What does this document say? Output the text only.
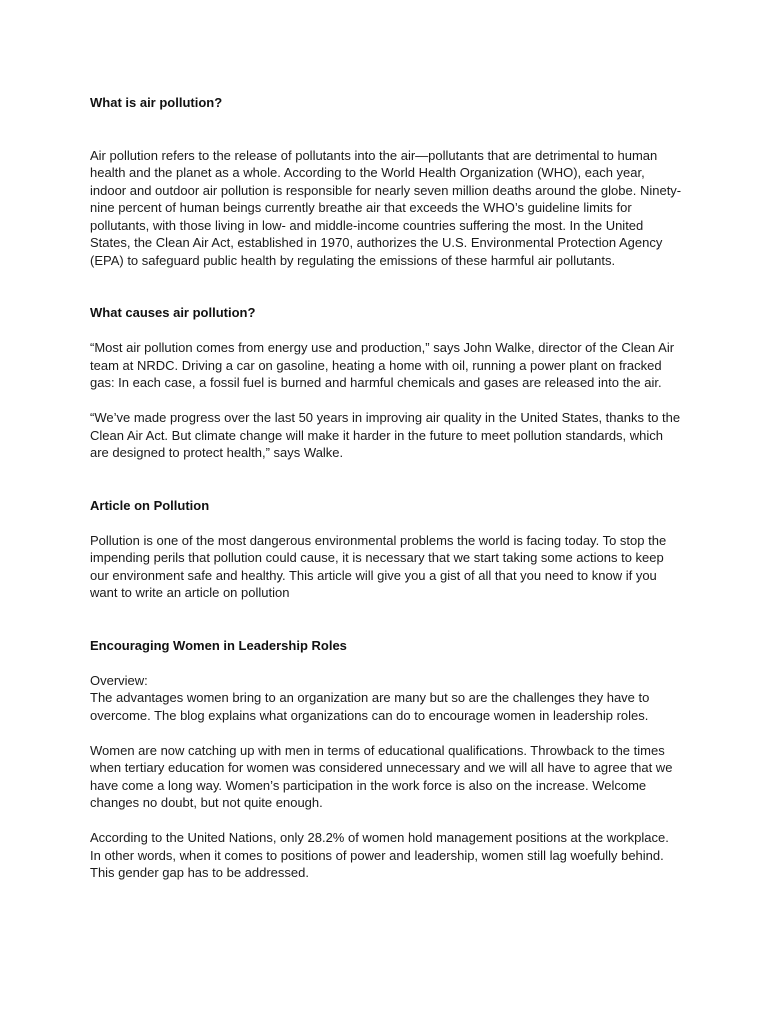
What is air pollution?

Air pollution refers to the release of pollutants into the air—pollutants that are detrimental to human health and the planet as a whole. According to the World Health Organization (WHO), each year, indoor and outdoor air pollution is responsible for nearly seven million deaths around the globe. Ninety-nine percent of human beings currently breathe air that exceeds the WHO’s guideline limits for pollutants, with those living in low- and middle-income countries suffering the most. In the United States, the Clean Air Act, established in 1970, authorizes the U.S. Environmental Protection Agency (EPA) to safeguard public health by regulating the emissions of these harmful air pollutants.

What causes air pollution?

“Most air pollution comes from energy use and production,” says John Walke, director of the Clean Air team at NRDC. Driving a car on gasoline, heating a home with oil, running a power plant on fracked gas: In each case, a fossil fuel is burned and harmful chemicals and gases are released into the air.

“We’ve made progress over the last 50 years in improving air quality in the United States, thanks to the Clean Air Act. But climate change will make it harder in the future to meet pollution standards, which are designed to protect health,” says Walke.

Article on Pollution

Pollution is one of the most dangerous environmental problems the world is facing today. To stop the impending perils that pollution could cause, it is necessary that we start taking some actions to keep our environment safe and healthy. This article will give you a gist of all that you need to know if you want to write an article on pollution

Encouraging Women in Leadership Roles

Overview:
The advantages women bring to an organization are many but so are the challenges they have to overcome. The blog explains what organizations can do to encourage women in leadership roles.

Women are now catching up with men in terms of educational qualifications. Throwback to the times when tertiary education for women was considered unnecessary and we will all have to agree that we have come a long way. Women’s participation in the work force is also on the increase. Welcome changes no doubt, but not quite enough.

According to the United Nations, only 28.2% of women hold management positions at the workplace. In other words, when it comes to positions of power and leadership, women still lag woefully behind. This gender gap has to be addressed.
